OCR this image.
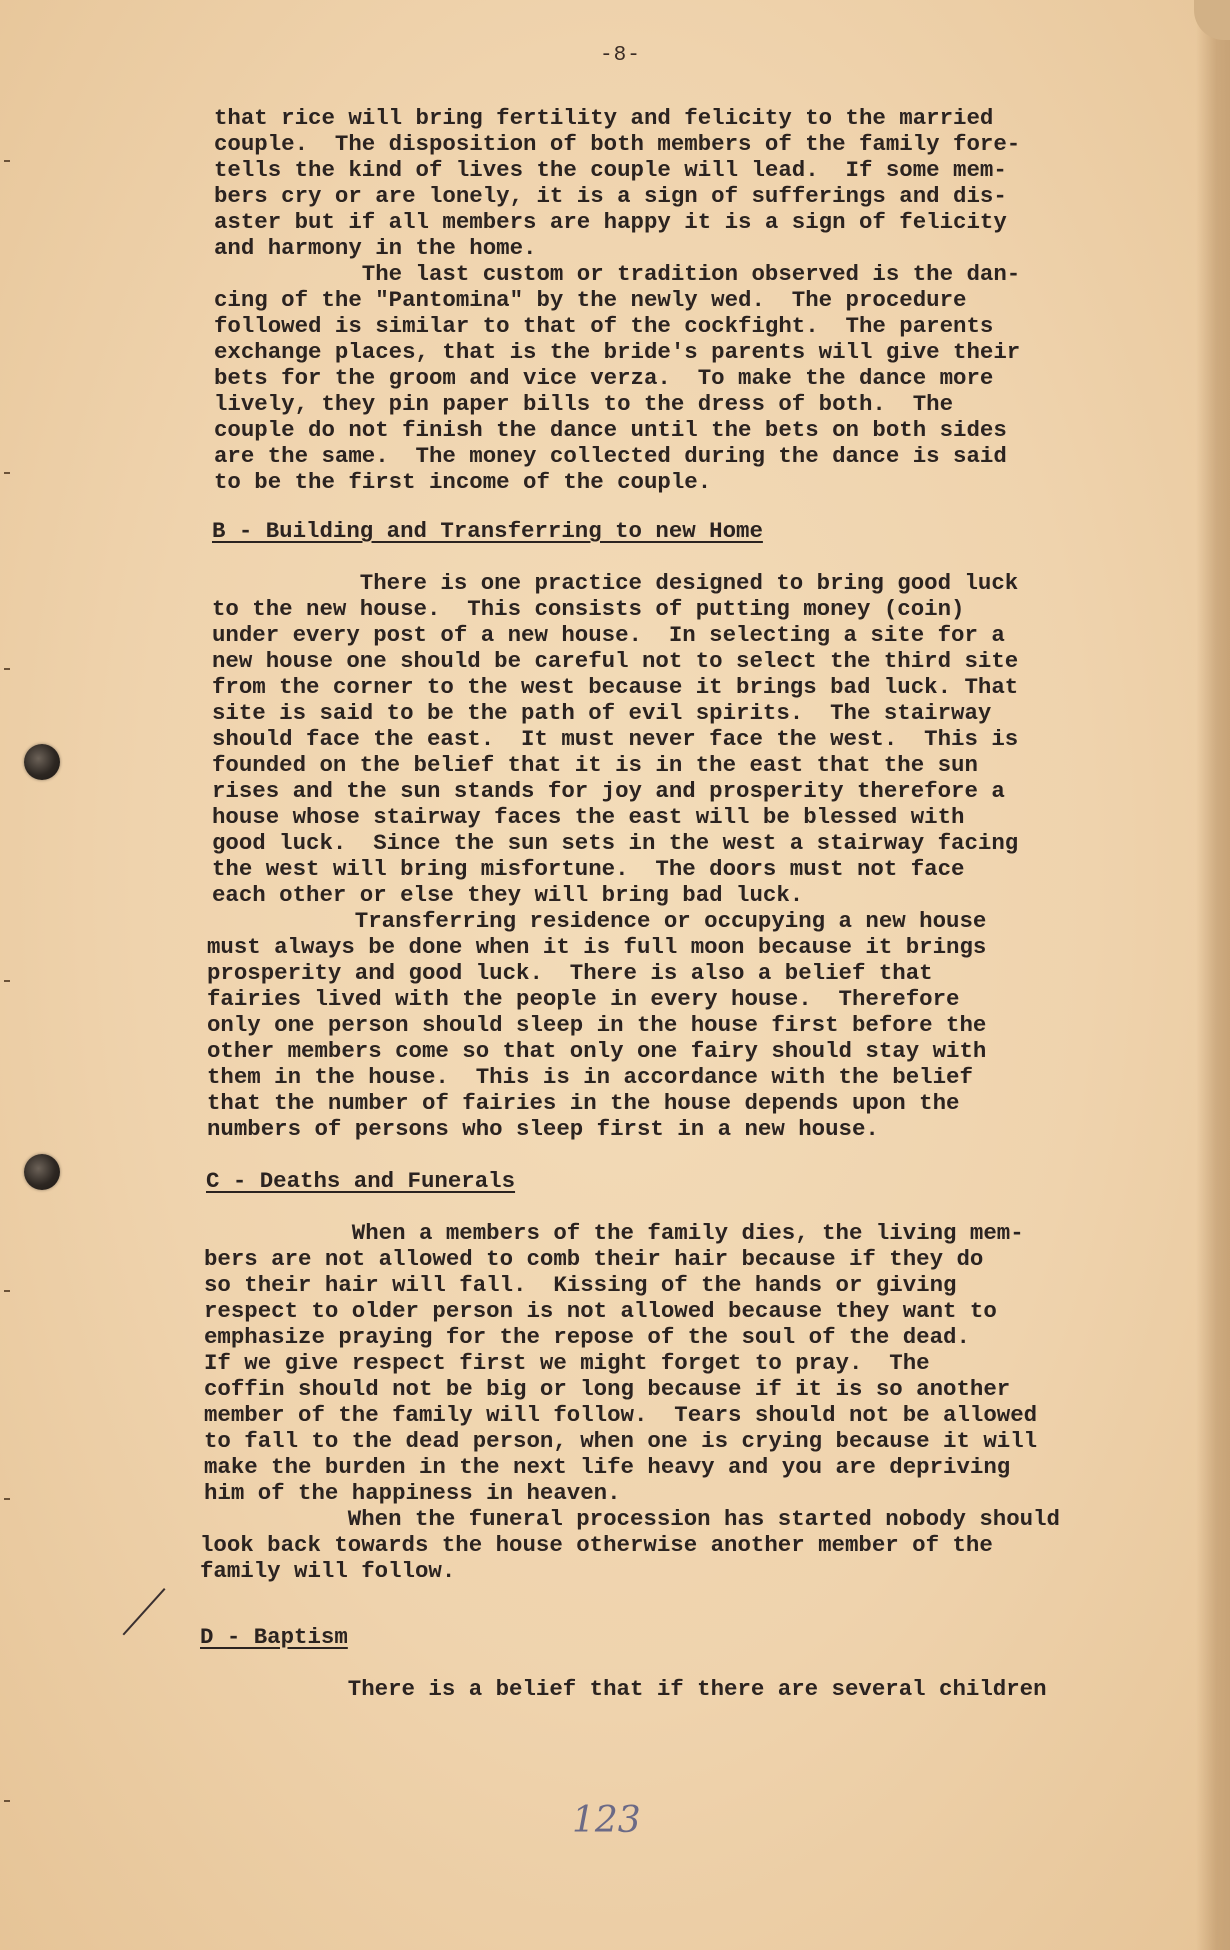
-8-
that rice will bring fertility and felicity to the married
couple.  The disposition of both members of the family fore-
tells the kind of lives the couple will lead.  If some mem-
bers cry or are lonely, it is a sign of sufferings and dis-
aster but if all members are happy it is a sign of felicity
and harmony in the home.
The last custom or tradition observed is the dan-
cing of the "Pantomina" by the newly wed.  The procedure
followed is similar to that of the cockfight.  The parents
exchange places, that is the bride's parents will give their
bets for the groom and vice verza.  To make the dance more
lively, they pin paper bills to the dress of both.  The
couple do not finish the dance until the bets on both sides
are the same.  The money collected during the dance is said
to be the first income of the couple.
B - Building and Transferring to new Home
There is one practice designed to bring good luck
to the new house.  This consists of putting money (coin)
under every post of a new house.  In selecting a site for a
new house one should be careful not to select the third site
from the corner to the west because it brings bad luck. That
site is said to be the path of evil spirits.  The stairway
should face the east.  It must never face the west.  This is
founded on the belief that it is in the east that the sun
rises and the sun stands for joy and prosperity therefore a
house whose stairway faces the east will be blessed with
good luck.  Since the sun sets in the west a stairway facing
the west will bring misfortune.  The doors must not face
each other or else they will bring bad luck.
Transferring residence or occupying a new house
must always be done when it is full moon because it brings
prosperity and good luck.  There is also a belief that
fairies lived with the people in every house.  Therefore
only one person should sleep in the house first before the
other members come so that only one fairy should stay with
them in the house.  This is in accordance with the belief
that the number of fairies in the house depends upon the
numbers of persons who sleep first in a new house.
C - Deaths and Funerals
When a members of the family dies, the living mem-
bers are not allowed to comb their hair because if they do
so their hair will fall.  Kissing of the hands or giving
respect to older person is not allowed because they want to
emphasize praying for the repose of the soul of the dead.
If we give respect first we might forget to pray.  The
coffin should not be big or long because if it is so another
member of the family will follow.  Tears should not be allowed
to fall to the dead person, when one is crying because it will
make the burden in the next life heavy and you are depriving
him of the happiness in heaven.
When the funeral procession has started nobody should
look back towards the house otherwise another member of the
family will follow.
D - Baptism
There is a belief that if there are several children
123
